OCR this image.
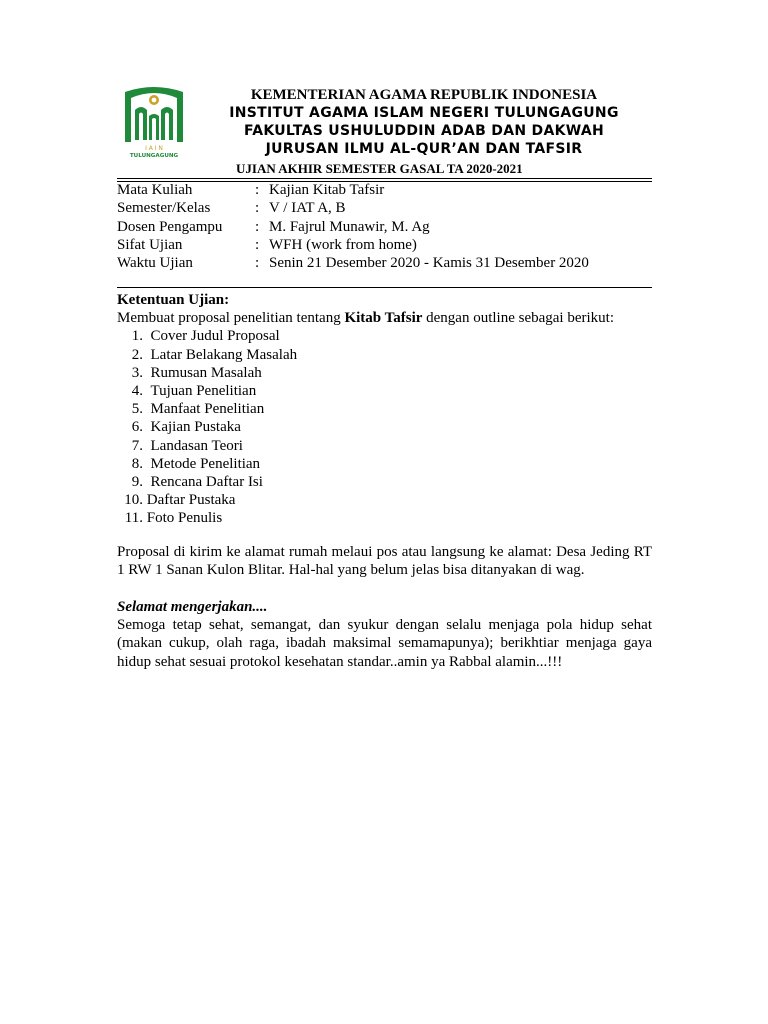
I A I N
TULUNGAGUNG
KEMENTERIAN AGAMA REPUBLIK INDONESIA
INSTITUT AGAMA ISLAM NEGERI TULUNGAGUNG
FAKULTAS USHULUDDIN ADAB DAN DAKWAH
JURUSAN ILMU AL-QUR’AN DAN TAFSIR
UJIAN AKHIR SEMESTER GASAL TA 2020-2021
Mata Kuliah	: Kajian Kitab Tafsir
Semester/Kelas	: V / IAT A, B
Dosen Pengampu	: M. Fajrul Munawir, M. Ag
Sifat Ujian	: WFH (work from home)
Waktu Ujian	: Senin 21 Desember 2020 - Kamis 31 Desember 2020
Ketentuan Ujian:
Membuat proposal penelitian tentang Kitab Tafsir dengan outline sebagai berikut:
1.
Cover Judul Proposal
2.
Latar Belakang Masalah
3.
Rumusan Masalah
4.
Tujuan Penelitian
5.
Manfaat Penelitian
6.
Kajian Pustaka
7.
Landasan Teori
8.
Metode Penelitian
9.
Rencana Daftar Isi
10.
Daftar Pustaka
11.
Foto Penulis
Proposal di kirim ke alamat rumah melaui pos atau langsung ke alamat: Desa Jeding RT 1 RW 1 Sanan Kulon Blitar. Hal-hal yang belum jelas bisa ditanyakan di wag.
Selamat mengerjakan....
Semoga tetap sehat, semangat, dan syukur dengan selalu menjaga pola hidup sehat (makan cukup, olah raga, ibadah maksimal semamapunya); berikhtiar menjaga gaya hidup sehat sesuai protokol kesehatan standar..amin ya Rabbal alamin...!!!
